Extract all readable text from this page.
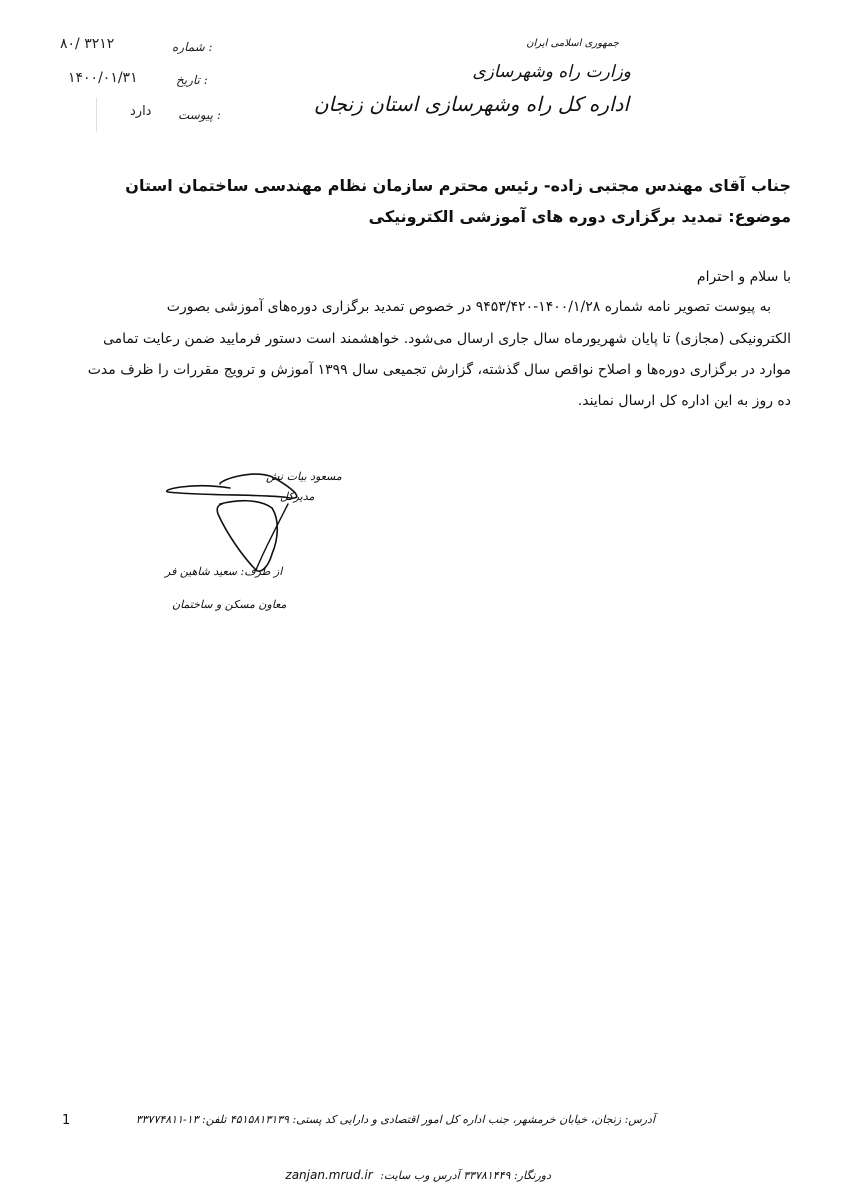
جمهوری اسلامی ایران
وزارت راه وشهرسازی
اداره کل راه وشهرسازی استان زنجان
شماره :
۸۰/ ۳۲۱۲
تاریخ :
۱۴۰۰/۰۱/۳۱
پیوست :
دارد
جناب آقای مهندس مجتبی زاده- رئیس محترم سازمان نظام مهندسی ساختمان استان
موضوع: تمدید برگزاری دوره های آموزشی الکترونیکی
با سلام و احترام
به پیوست تصویر نامه شماره ۱۴۰۰/۱/۲۸-۹۴۵۳/۴۲۰ در خصوص تمدید برگزاری دوره‌های آموزشی بصورت
الکترونیکی (مجازی) تا پایان شهریورماه سال جاری ارسال می‌شود. خواهشمند است دستور فرمایید ضمن رعایت تمامی
موارد در برگزاری دوره‌ها و اصلاح نواقص سال گذشته، گزارش تجمیعی سال ۱۳۹۹ آموزش و ترویج مقررات را ظرف مدت
ده روز به این اداره کل ارسال نمایند.
مسعود بیات نش
مدیرکل
از طرف: سعید شاهین فر
معاون مسکن و ساختمان
1	آدرس: زنجان، خیابان خرمشهر، جنب اداره کل امور اقتصادی و دارایی کد پستی: ۴۵۱۵۸۱۳۱۳۹ تلفن: ۱۳-۳۳۷۷۴۸۱۱
دورنگار: ۳۳۷۸۱۴۴۹ آدرس وب سایت: zanjan.mrud.ir
